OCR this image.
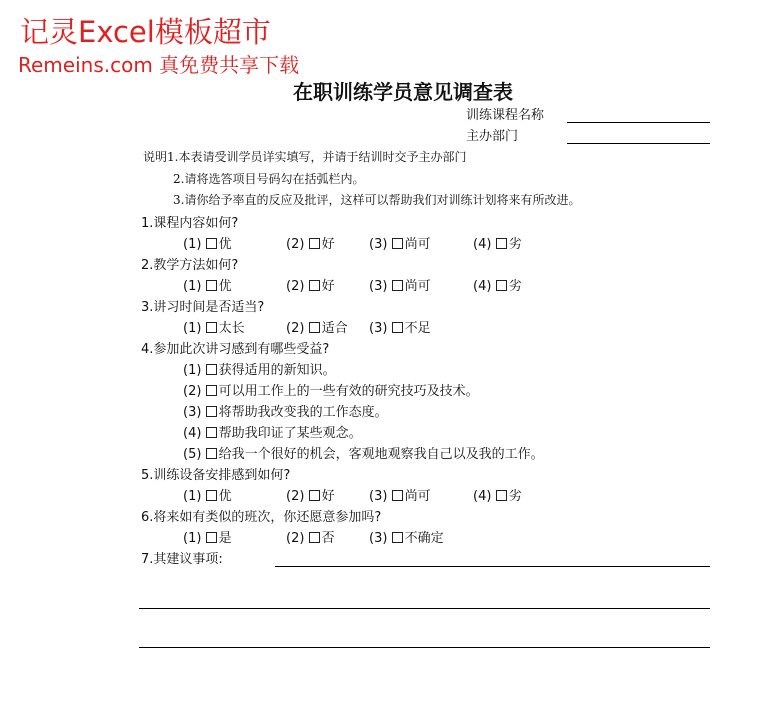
记灵Excel模板超市
Remeins.com 真免费共享下载
在职训练学员意见调查表
训练课程名称
主办部门
说明1.本表请受训学员详实填写，并请于结训时交予主办部门
2.请将选答项目号码勾在括弧栏内。
3.请你给予率直的反应及批评，这样可以帮助我们对训练计划将来有所改进。
1.课程内容如何?
(1) 优	(2) 好	(3) 尚可	(4) 劣
2.教学方法如何?
(1) 优	(2) 好	(3) 尚可	(4) 劣
3.讲习时间是否适当?
(1) 太长	(2) 适合 (3) 不足
4.参加此次讲习感到有哪些受益?
(1) 获得适用的新知识。
(2) 可以用工作上的一些有效的研究技巧及技术。
(3) 将帮助我改变我的工作态度。
(4) 帮助我印证了某些观念。
(5) 给我一个很好的机会，客观地观察我自己以及我的工作。
5.训练设备安排感到如何?
(1) 优	(2) 好	(3) 尚可	(4) 劣
6.将来如有类似的班次，你还愿意参加吗?
(1) 是	(2) 否	(3) 不确定
7.其建议事项:
